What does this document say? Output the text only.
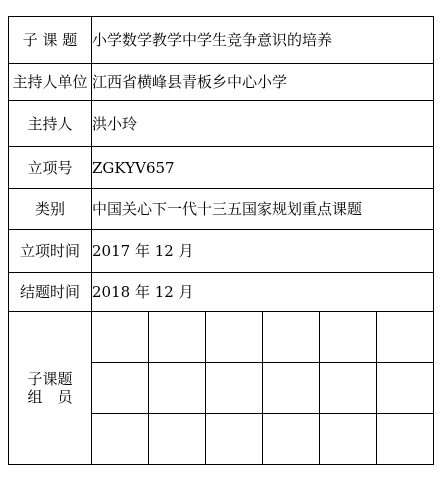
子 课 题	小学数学教学中学生竞争意识的培养
主持人单位	江西省横峰县青板乡中心小学
主持人	洪小玲
立项号	ZGKYV657
类别	中国关心下一代十三五国家规划重点课题
立项时间	2017 年 12 月
结题时间	2018 年 12 月

子课题
组　员
